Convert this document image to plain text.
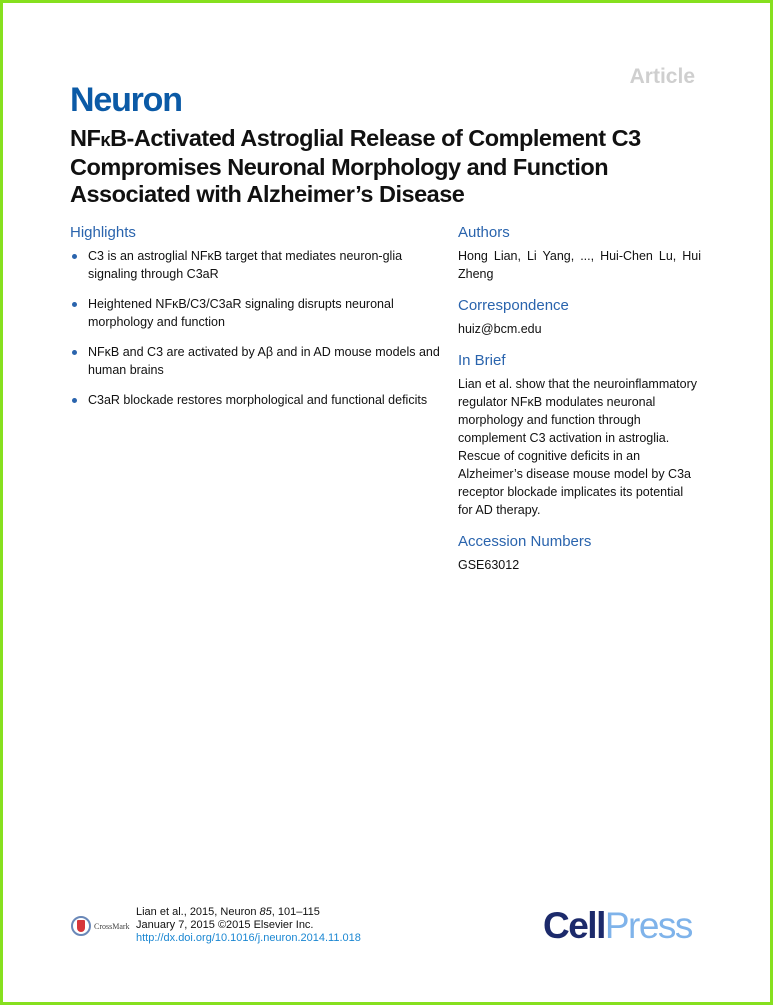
Article
Neuron
NFκB-Activated Astroglial Release of Complement C3 Compromises Neuronal Morphology and Function Associated with Alzheimer’s Disease
Highlights
C3 is an astroglial NFκB target that mediates neuron-glia signaling through C3aR
Heightened NFκB/C3/C3aR signaling disrupts neuronal morphology and function
NFκB and C3 are activated by Aβ and in AD mouse models and human brains
C3aR blockade restores morphological and functional deficits
Authors
Hong Lian, Li Yang, ..., Hui-Chen Lu, Hui Zheng
Correspondence
huiz@bcm.edu
In Brief
Lian et al. show that the neuroinflammatory regulator NFκB modulates neuronal morphology and function through complement C3 activation in astroglia. Rescue of cognitive deficits in an Alzheimer’s disease mouse model by C3a receptor blockade implicates its potential for AD therapy.
Accession Numbers
GSE63012
CrossMark
Lian et al., 2015, Neuron 85, 101–115
January 7, 2015 ©2015 Elsevier Inc.
http://dx.doi.org/10.1016/j.neuron.2014.11.018	CellPress
